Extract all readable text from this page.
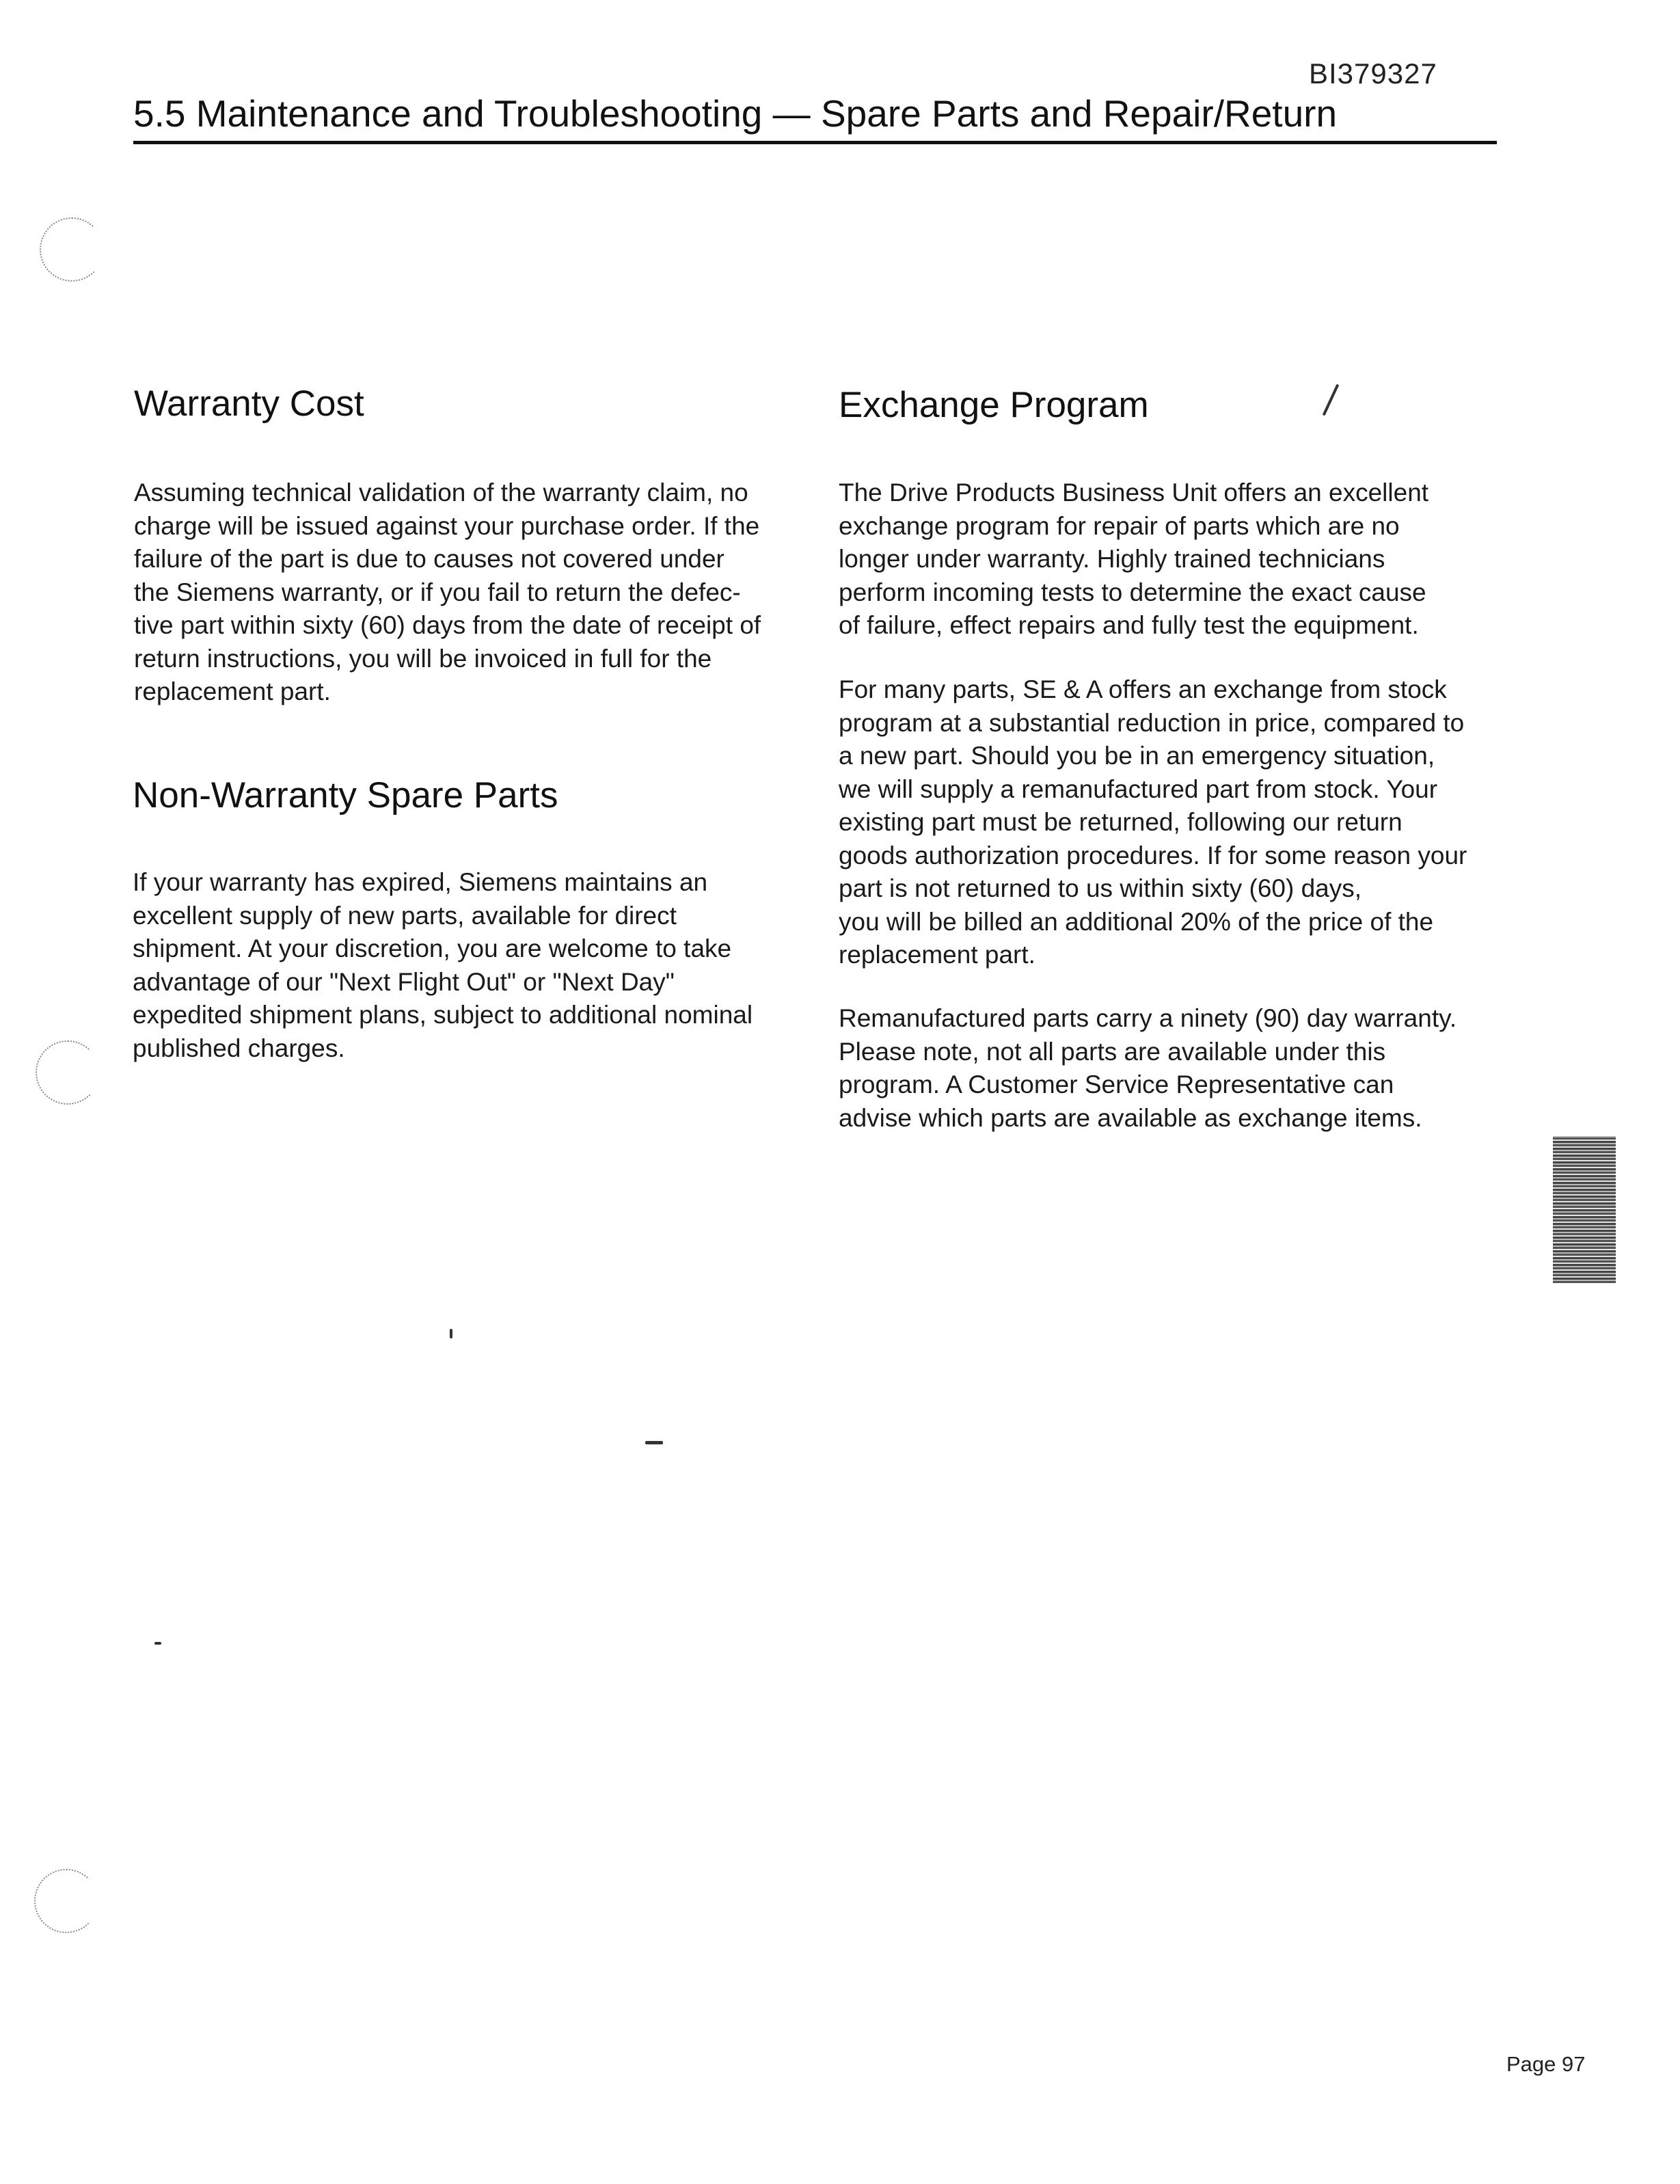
BI379327
5.5 Maintenance and Troubleshooting — Spare Parts and Repair/Return
Warranty Cost
Assuming technical validation of the warranty claim, no
charge will be issued against your purchase order. If the
failure of the part is due to causes not covered under
the Siemens warranty, or if you fail to return the defec-
tive part within sixty (60) days from the date of receipt of
return instructions, you will be invoiced in full for the
replacement part.
Non-Warranty Spare Parts
If your warranty has expired, Siemens maintains an
excellent supply of new parts, available for direct
shipment. At your discretion, you are welcome to take
advantage of our "Next Flight Out" or "Next Day"
expedited shipment plans, subject to additional nominal
published charges.
Exchange Program
The Drive Products Business Unit offers an excellent
exchange program for repair of parts which are no
longer under warranty. Highly trained technicians
perform incoming tests to determine the exact cause
of failure, effect repairs and fully test the equipment.
For many parts, SE & A offers an exchange from stock
program at a substantial reduction in price, compared to
a new part. Should you be in an emergency situation,
we will supply a remanufactured part from stock. Your
existing part must be returned, following our return
goods authorization procedures. If for some reason your
part is not returned to us within sixty (60) days,
you will be billed an additional 20% of the price of the
replacement part.
Remanufactured parts carry a ninety (90) day warranty.
Please note, not all parts are available under this
program. A Customer Service Representative can
advise which parts are available as exchange items.
Page 97
